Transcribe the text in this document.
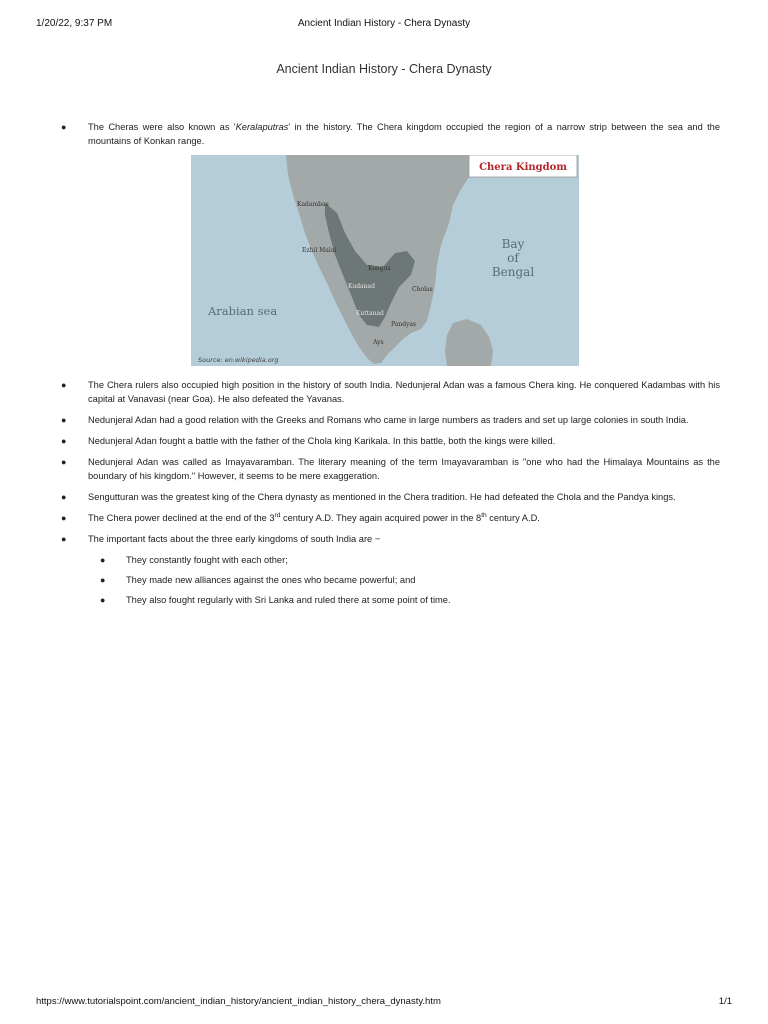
1/20/22, 9:37 PM	Ancient Indian History - Chera Dynasty
Ancient Indian History - Chera Dynasty
● The Cheras were also known as 'Keralaputras' in the history. The Chera kingdom occupied the region of a narrow strip between the sea and the mountains of Konkan range.
Chera Kingdom
Kadambas
Ezhil Malai
Kongus
Kudanad	Cholas
Kuttanad
Pandyas
Ays
Bay
of
Bengal
Arabian sea
Source: en.wikipedia.org
● The Chera rulers also occupied high position in the history of south India. Nedunjeral Adan was a famous Chera king. He conquered Kadambas with his capital at Vanavasi (near Goa). He also defeated the Yavanas.
● Nedunjeral Adan had a good relation with the Greeks and Romans who came in large numbers as traders and set up large colonies in south India.
● Nedunjeral Adan fought a battle with the father of the Chola king Karikala. In this battle, both the kings were killed.
● Nedunjeral Adan was called as Imayavaramban. The literary meaning of the term Imayavaramban is "one who had the Himalaya Mountains as the boundary of his kingdom." However, it seems to be mere exaggeration.
● Sengutturan was the greatest king of the Chera dynasty as mentioned in the Chera tradition. He had defeated the Chola and the Pandya kings.
● The Chera power declined at the end of the 3rd century A.D. They again acquired power in the 8th century A.D.
● The important facts about the three early kingdoms of south India are −
● They constantly fought with each other;
● They made new alliances against the ones who became powerful; and
● They also fought regularly with Sri Lanka and ruled there at some point of time.
https://www.tutorialspoint.com/ancient_indian_history/ancient_indian_history_chera_dynasty.htm	1/1
